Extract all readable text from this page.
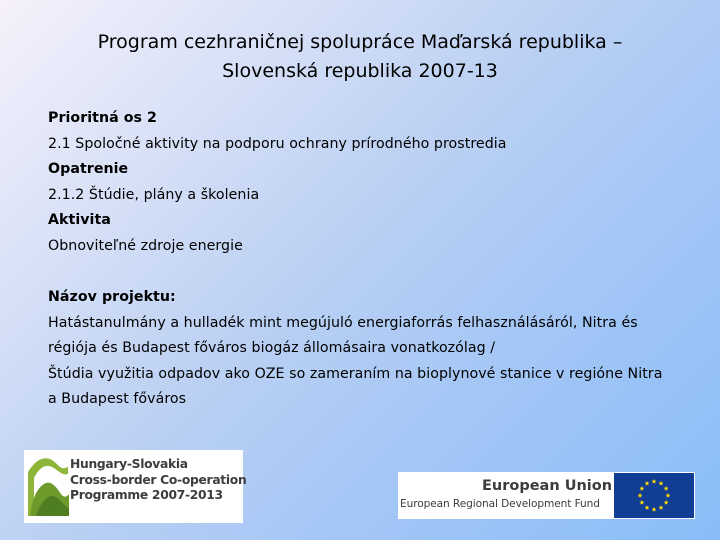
Program cezhraničnej spolupráce Maďarská republika –
Slovenská republika 2007-13
Prioritná os 2
2.1 Spoločné aktivity na podporu ochrany prírodného prostredia
Opatrenie
2.1.2 Štúdie, plány a školenia
Aktivita
Obnoviteľné zdroje energie
Názov projektu:
Hatástanulmány a hulladék mint megújuló energiaforrás felhasználásáról, Nitra és
régiója és Budapest főváros biogáz állomásaira vonatkozólag /
Štúdia využitia odpadov ako OZE so zameraním na bioplynové stanice v regióne Nitra
a Budapest főváros
Hungary-Slovakia
Cross-border Co-operation
Programme 2007-2013
European Union
European Regional Development Fund
